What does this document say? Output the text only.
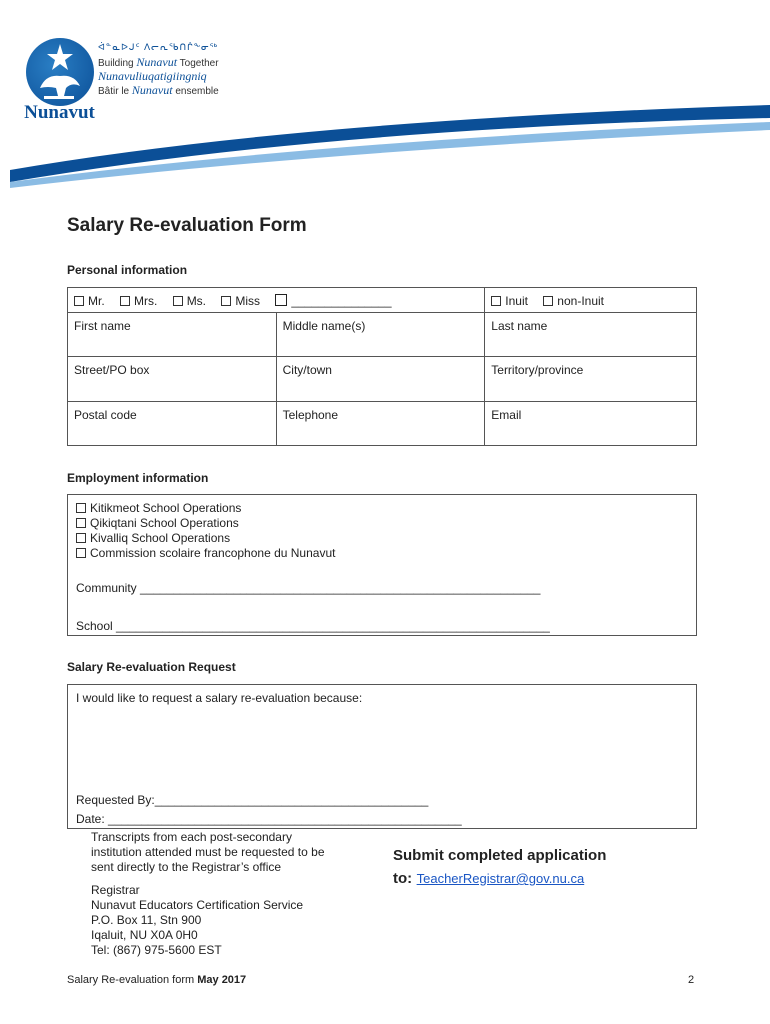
Nunavut
ᐋᓐᓇᐅᒍᑦ ᐱᓕᕆᖃᑎᒌᖕᓂᖅ
Building Nunavut Together
Nunavuliuqatigiingniq
Bâtir le Nunavut ensemble
Salary Re-evaluation Form
Personal information
Mr. Mrs. Ms. Miss _______________		Inuit non-Inuit
First name	Middle name(s)	Last name
Street/PO box	City/town	Territory/province
Postal code	Telephone	Email
Employment information
Kitikmeot School Operations
Qikiqtani School Operations
Kivalliq School Operations
Commission scolaire francophone du Nunavut
Community ____________________________________________________________
School _________________________________________________________________
Salary Re-evaluation Request
I would like to request a salary re-evaluation because:
Requested By:_________________________________________
Date: _____________________________________________________
Transcripts from each post-secondary
institution attended must be requested to be
sent directly to the Registrar’s office
Registrar
Nunavut Educators Certification Service
P.O. Box 11, Stn 900
Iqaluit, NU X0A 0H0
Tel: (867) 975-5600 EST
Submit completed application
to: TeacherRegistrar@gov.nu.ca
Salary Re-evaluation form May 2017	2
